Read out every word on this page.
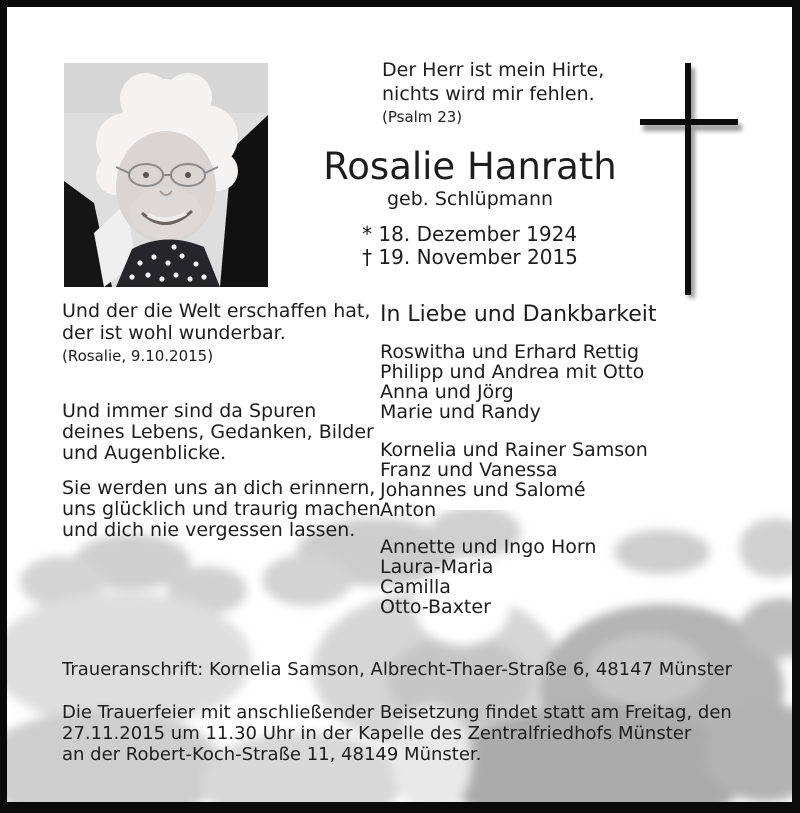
Der Herr ist mein Hirte,
nichts wird mir fehlen.
(Psalm 23)
Rosalie Hanrath
geb. Schlüpmann
* 18. Dezember 1924
† 19. November 2015
Und der die Welt erschaffen hat,
der ist wohl wunderbar.
(Rosalie, 9.10.2015)
Und immer sind da Spuren
deines Lebens, Gedanken, Bilder
und Augenblicke.
Sie werden uns an dich erinnern,
uns glücklich und traurig machen
und dich nie vergessen lassen.
In Liebe und Dankbarkeit
Roswitha und Erhard Rettig
Philipp und Andrea mit Otto
Anna und Jörg
Marie und Randy
Kornelia und Rainer Samson
Franz und Vanessa
Johannes und Salomé
Anton
Annette und Ingo Horn
Laura-Maria
Camilla
Otto-Baxter
Traueranschrift: Kornelia Samson, Albrecht-Thaer-Straße 6, 48147 Münster
Die Trauerfeier mit anschließender Beisetzung findet statt am Freitag, den
27.11.2015 um 11.30 Uhr in der Kapelle des Zentralfriedhofs Münster
an der Robert-Koch-Straße 11, 48149 Münster.
